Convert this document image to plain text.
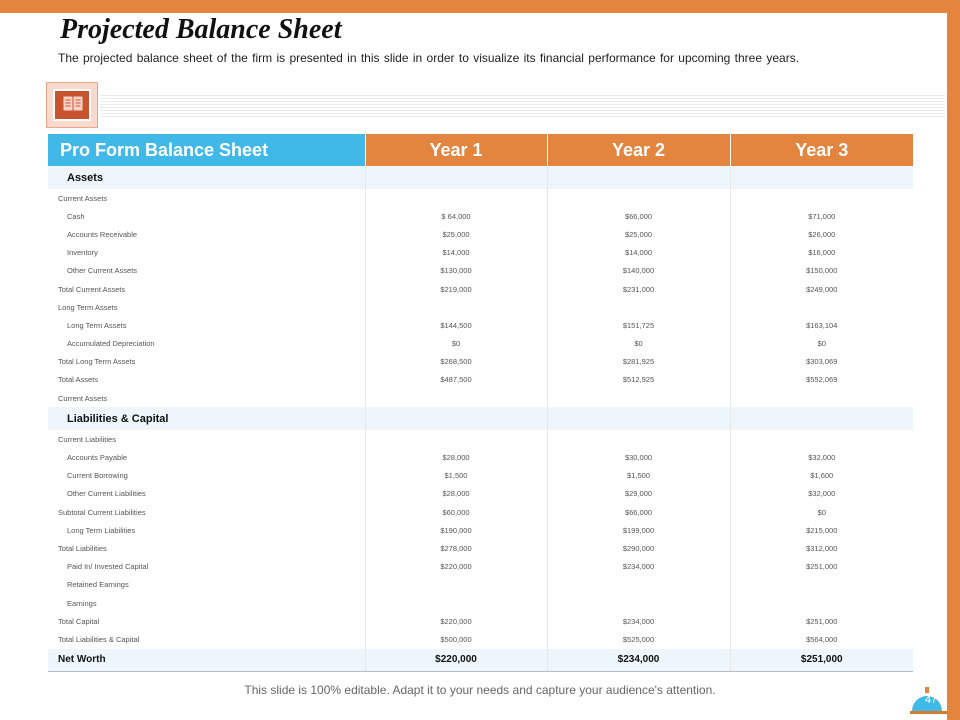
Projected Balance Sheet
The projected balance sheet of the firm is presented in this slide in order to visualize its financial performance for upcoming three years.
Pro Form Balance Sheet	Year 1	Year 2	Year 3
Assets			
Current Assets			
Cash	$ 64,000	$66,000	$71,000
Accounts Receivable	$25,000	$25,000	$26,000
Inventory	$14,000	$14,000	$16,000
Other Current Assets	$130,000	$140,000	$150,000
Total Current Assets	$219,000	$231,000	$249,000
Long Term Assets			
Long Term Assets	$144,500	$151,725	$163,104
Accumulated Depreciation	$0	$0	$0
Total Long Term Assets	$268,500	$281,925	$303,069
Total Assets	$487,500	$512,925	$552,069
Current Assets			
Liabilities & Capital			
Current Liabilities			
Accounts Payable	$28,000	$30,000	$32,000
Current Borrowing	$1,500	$1,500	$1,600
Other Current Liabilities	$28,000	$29,000	$32,000
Subtotal Current Liabilities	$60,000	$66,000	$0
Long Term Liabilities	$190,000	$199,000	$215,000
Total Liabilities	$278,000	$290,000	$312,000
Paid In/ Invested Capital	$220,000	$234,000	$251,000
Retained Earnings			
Earnings			
Total Capital	$220,000	$234,000	$251,000
Total Liabilities & Capital	$500,000	$525,000	$564,000
Net Worth	$220,000	$234,000	$251,000
This slide is 100% editable. Adapt it to your needs and capture your audience's attention.
47
